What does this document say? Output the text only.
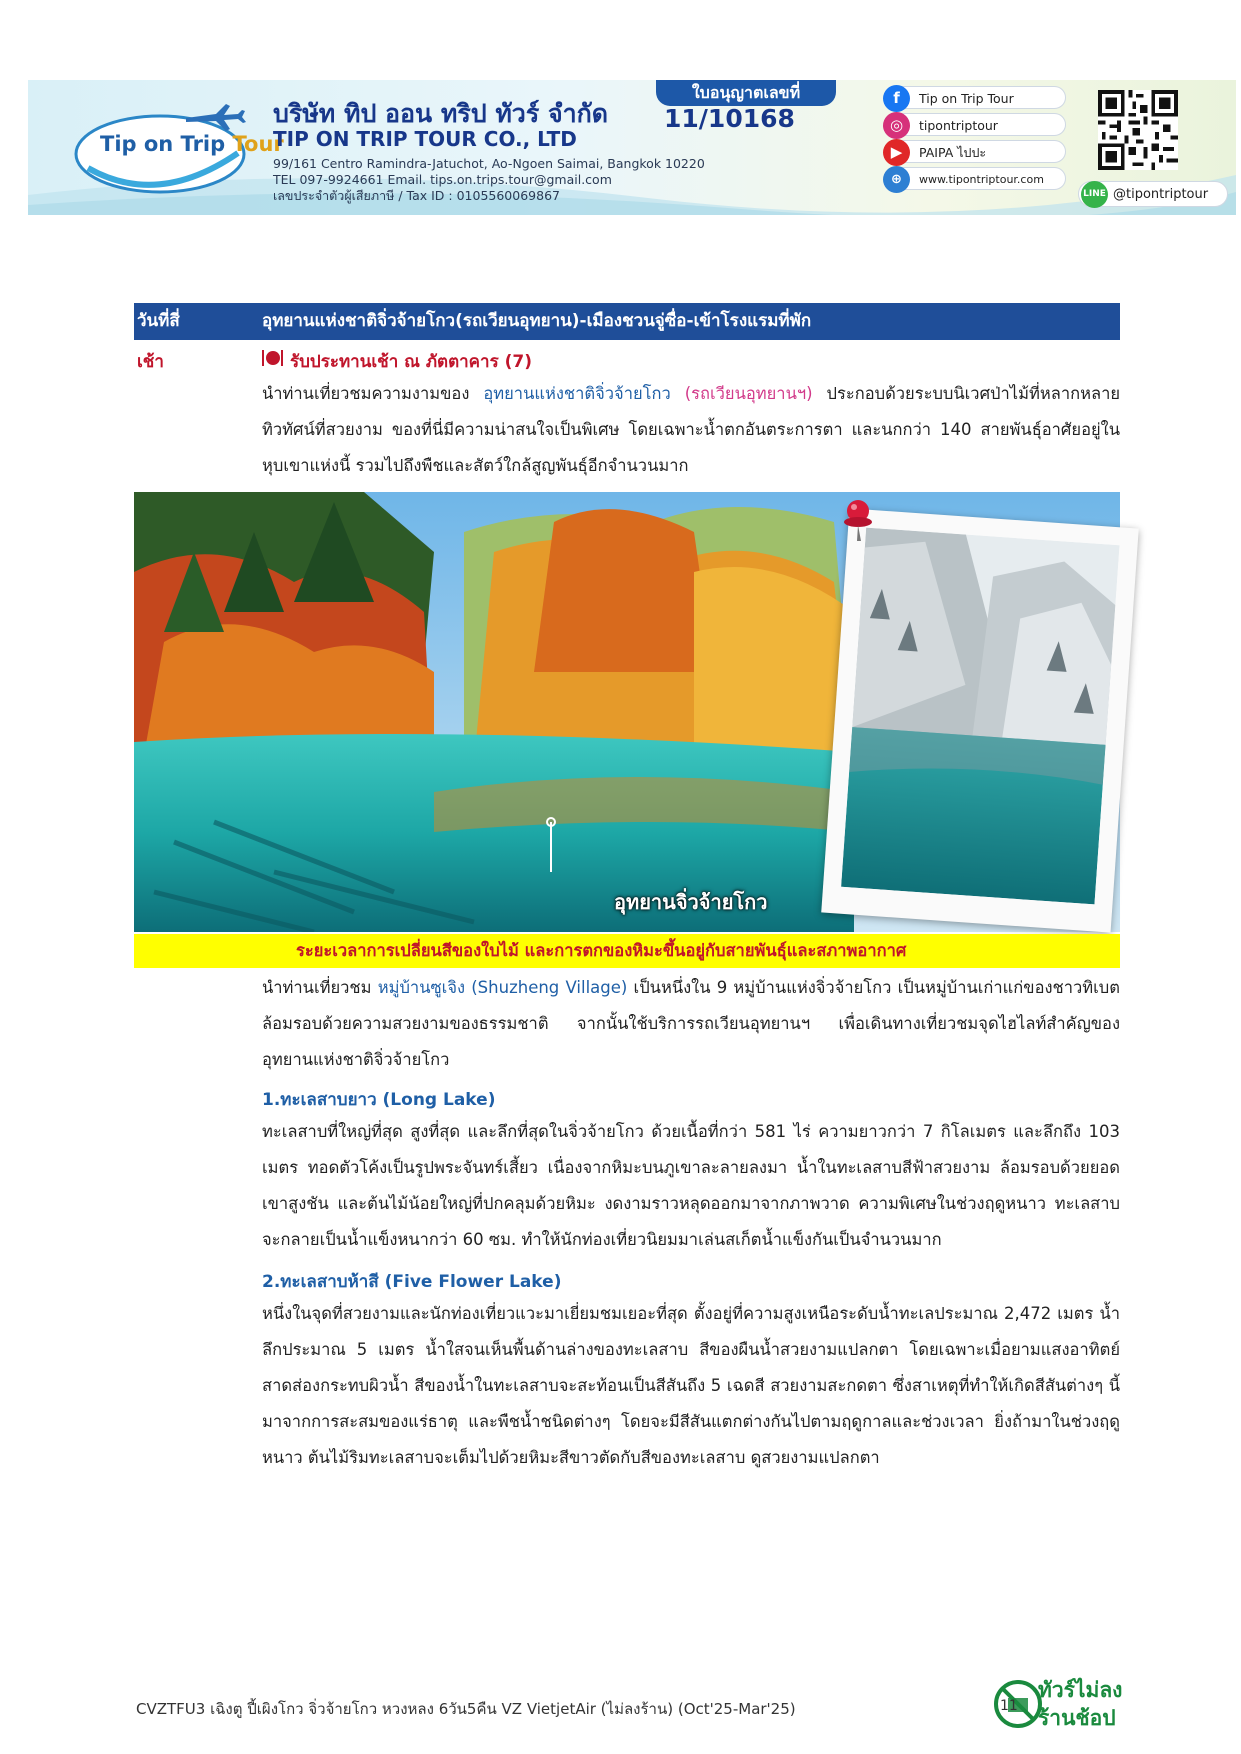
Tip on Trip Tour
บริษัท ทิป ออน ทริป ทัวร์ จำกัด
TIP ON TRIP TOUR CO., LTD
99/161 Centro Ramindra-Jatuchot, Ao-Ngoen Saimai, Bangkok 10220
TEL 097-9924661 Email. tips.on.trips.tour@gmail.com
เลขประจำตัวผู้เสียภาษี / Tax ID : 0105560069867
ใบอนุญาตเลขที่
11/10168
f	Tip on Trip Tour
◎	tipontriptour
▶	PAIPA ไปปะ
⊕	www.tipontriptour.com
LINE @tipontriptour
วันที่สี่	อุทยานแห่งชาติจิ่วจ้ายโกว(รถเวียนอุทยาน)-เมืองชวนจู่ซื่อ-เข้าโรงแรมที่พัก
เช้า	รับประทานเช้า ณ ภัตตาคาร (7)
นำท่านเที่ยวชมความงามของ อุทยานแห่งชาติจิ่วจ้ายโกว (รถเวียนอุทยานฯ) ประกอบด้วยระบบนิเวศป่าไม้ที่หลากหลาย ทิวทัศน์ที่สวยงาม ของที่นี่มีความน่าสนใจเป็นพิเศษ โดยเฉพาะน้ำตกอันตระการตา และนกกว่า 140 สายพันธุ์อาศัยอยู่ในหุบเขาแห่งนี้ รวมไปถึงพืชและสัตว์ใกล้สูญพันธุ์อีกจำนวนมาก
อุทยานจิ่วจ้ายโกว
ระยะเวลาการเปลี่ยนสีของใบไม้ และการตกของหิมะขึ้นอยู่กับสายพันธุ์และสภาพอากาศ
นำท่านเที่ยวชม หมู่บ้านซูเจิง (Shuzheng Village) เป็นหนึ่งใน 9 หมู่บ้านแห่งจิ่วจ้ายโกว เป็นหมู่บ้านเก่าแก่ของชาวทิเบต ล้อมรอบด้วยความสวยงามของธรรมชาติ จากนั้นใช้บริการรถเวียนอุทยานฯ เพื่อเดินทางเที่ยวชมจุดไฮไลท์สำคัญของอุทยานแห่งชาติจิ่วจ้ายโกว
1.ทะเลสาบยาว (Long Lake)
ทะเลสาบที่ใหญ่ที่สุด สูงที่สุด และลึกที่สุดในจิ่วจ้ายโกว ด้วยเนื้อที่กว่า 581 ไร่ ความยาวกว่า 7 กิโลเมตร และลึกถึง 103 เมตร ทอดตัวโค้งเป็นรูปพระจันทร์เสี้ยว เนื่องจากหิมะบนภูเขาละลายลงมา น้ำในทะเลสาบสีฟ้าสวยงาม ล้อมรอบด้วยยอดเขาสูงชัน และต้นไม้น้อยใหญ่ที่ปกคลุมด้วยหิมะ งดงามราวหลุดออกมาจากภาพวาด ความพิเศษในช่วงฤดูหนาว ทะเลสาบจะกลายเป็นน้ำแข็งหนากว่า 60 ซม. ทำให้นักท่องเที่ยวนิยมมาเล่นสเก็ตน้ำแข็งกันเป็นจำนวนมาก
2.ทะเลสาบห้าสี (Five Flower Lake)
หนึ่งในจุดที่สวยงามและนักท่องเที่ยวแวะมาเยี่ยมชมเยอะที่สุด ตั้งอยู่ที่ความสูงเหนือระดับน้ำทะเลประมาณ 2,472 เมตร น้ำลึกประมาณ 5 เมตร น้ำใสจนเห็นพื้นด้านล่างของทะเลสาบ สีของผืนน้ำสวยงามแปลกตา โดยเฉพาะเมื่อยามแสงอาทิตย์สาดส่องกระทบผิวน้ำ สีของน้ำในทะเลสาบจะสะท้อนเป็นสีสันถึง 5 เฉดสี สวยงามสะกดตา ซึ่งสาเหตุที่ทำให้เกิดสีสันต่างๆ นี้มาจากการสะสมของแร่ธาตุ และพืชน้ำชนิดต่างๆ โดยจะมีสีสันแตกต่างกันไปตามฤดูกาลและช่วงเวลา ยิ่งถ้ามาในช่วงฤดูหนาว ต้นไม้ริมทะเลสาบจะเต็มไปด้วยหิมะสีขาวตัดกับสีของทะเลสาบ ดูสวยงามแปลกตา
CVZTFU3 เฉิงตู ปี้เผิงโกว จิ่วจ้ายโกว หวงหลง 6วัน5คืน VZ VietjetAir (ไม่ลงร้าน) (Oct'25-Mar'25)	11
ทัวร์ไม่ลง
ร้านช้อป
